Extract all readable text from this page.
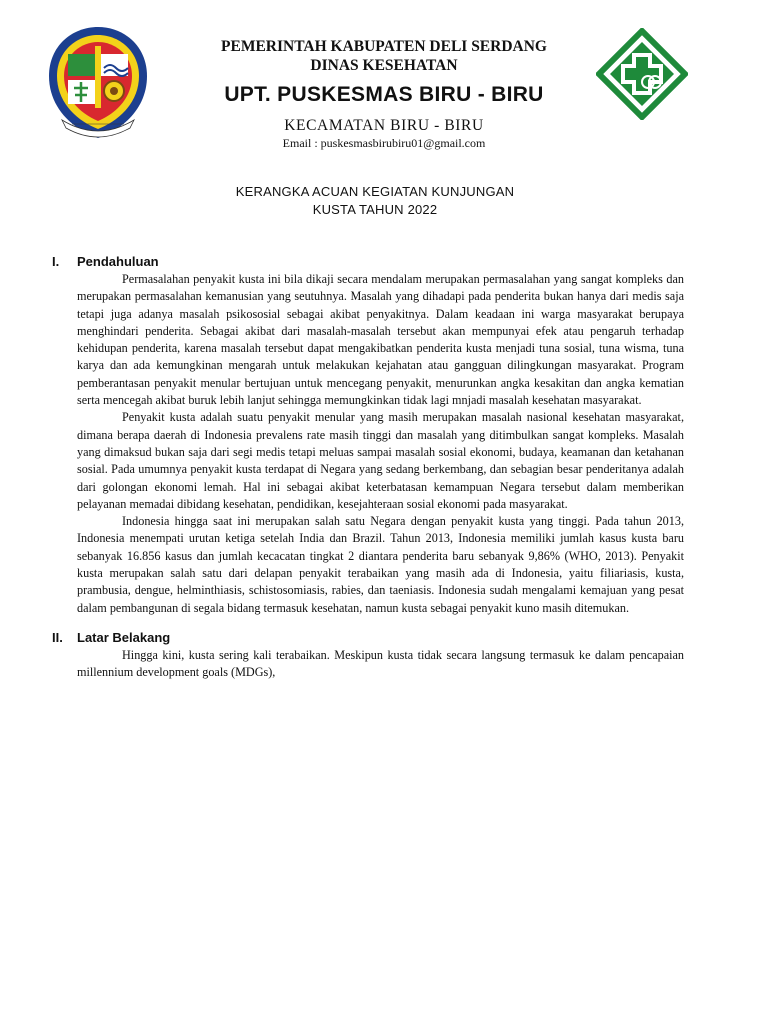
PEMERINTAH KABUPATEN DELI SERDANG
DINAS KESEHATAN
UPT. PUSKESMAS BIRU - BIRU
KECAMATAN BIRU - BIRU
Email : puskesmasbirubiru01@gmail.com
KERANGKA ACUAN KEGIATAN KUNJUNGAN
KUSTA TAHUN 2022
I.	Pendahuluan

Permasalahan penyakit kusta ini bila dikaji secara mendalam merupakan permasalahan yang sangat kompleks dan merupakan permasalahan kemanusian yang seutuhnya. Masalah yang dihadapi pada penderita bukan hanya dari medis saja tetapi juga adanya masalah psikososial sebagai akibat penyakitnya. Dalam keadaan ini warga masyarakat berupaya menghindari penderita. Sebagai akibat dari masalah-masalah tersebut akan mempunyai efek atau pengaruh terhadap kehidupan penderita, karena masalah tersebut dapat mengakibatkan penderita kusta menjadi tuna sosial, tuna wisma, tuna karya dan ada kemungkinan mengarah untuk melakukan kejahatan atau gangguan dilingkungan masyarakat. Program pemberantasan penyakit menular bertujuan untuk mencegang penyakit, menurunkan angka kesakitan dan angka kematian serta mencegah akibat buruk lebih lanjut sehingga memungkinkan tidak lagi mnjadi masalah kesehatan masyarakat.

Penyakit kusta adalah suatu penyakit menular yang masih merupakan masalah nasional kesehatan masyarakat, dimana berapa daerah di Indonesia prevalens rate masih tinggi dan masalah yang ditimbulkan sangat kompleks. Masalah yang dimaksud bukan saja dari segi medis tetapi meluas sampai masalah sosial ekonomi, budaya, keamanan dan ketahanan sosial. Pada umumnya penyakit kusta terdapat di Negara yang sedang berkembang, dan sebagian besar penderitanya adalah dari golongan ekonomi lemah. Hal ini sebagai akibat keterbatasan kemampuan Negara tersebut dalam memberikan pelayanan memadai dibidang kesehatan, pendidikan, kesejahteraan sosial ekonomi pada masyarakat.

Indonesia hingga saat ini merupakan salah satu Negara dengan penyakit kusta yang tinggi. Pada tahun 2013, Indonesia menempati urutan ketiga setelah India dan Brazil. Tahun 2013, Indonesia memiliki jumlah kasus kusta baru sebanyak 16.856 kasus dan jumlah kecacatan tingkat 2 diantara penderita baru sebanyak 9,86% (WHO, 2013). Penyakit kusta merupakan salah satu dari delapan penyakit terabaikan yang masih ada di Indonesia, yaitu filiariasis, kusta, prambusia, dengue, helminthiasis, schistosomiasis, rabies, dan taeniasis. Indonesia sudah mengalami kemajuan yang pesat dalam pembangunan di segala bidang termasuk kesehatan, namun kusta sebagai penyakit kuno masih ditemukan.

II.	Latar Belakang

Hingga kini, kusta sering kali terabaikan. Meskipun kusta tidak secara langsung termasuk ke dalam pencapaian millennium development goals (MDGs),
